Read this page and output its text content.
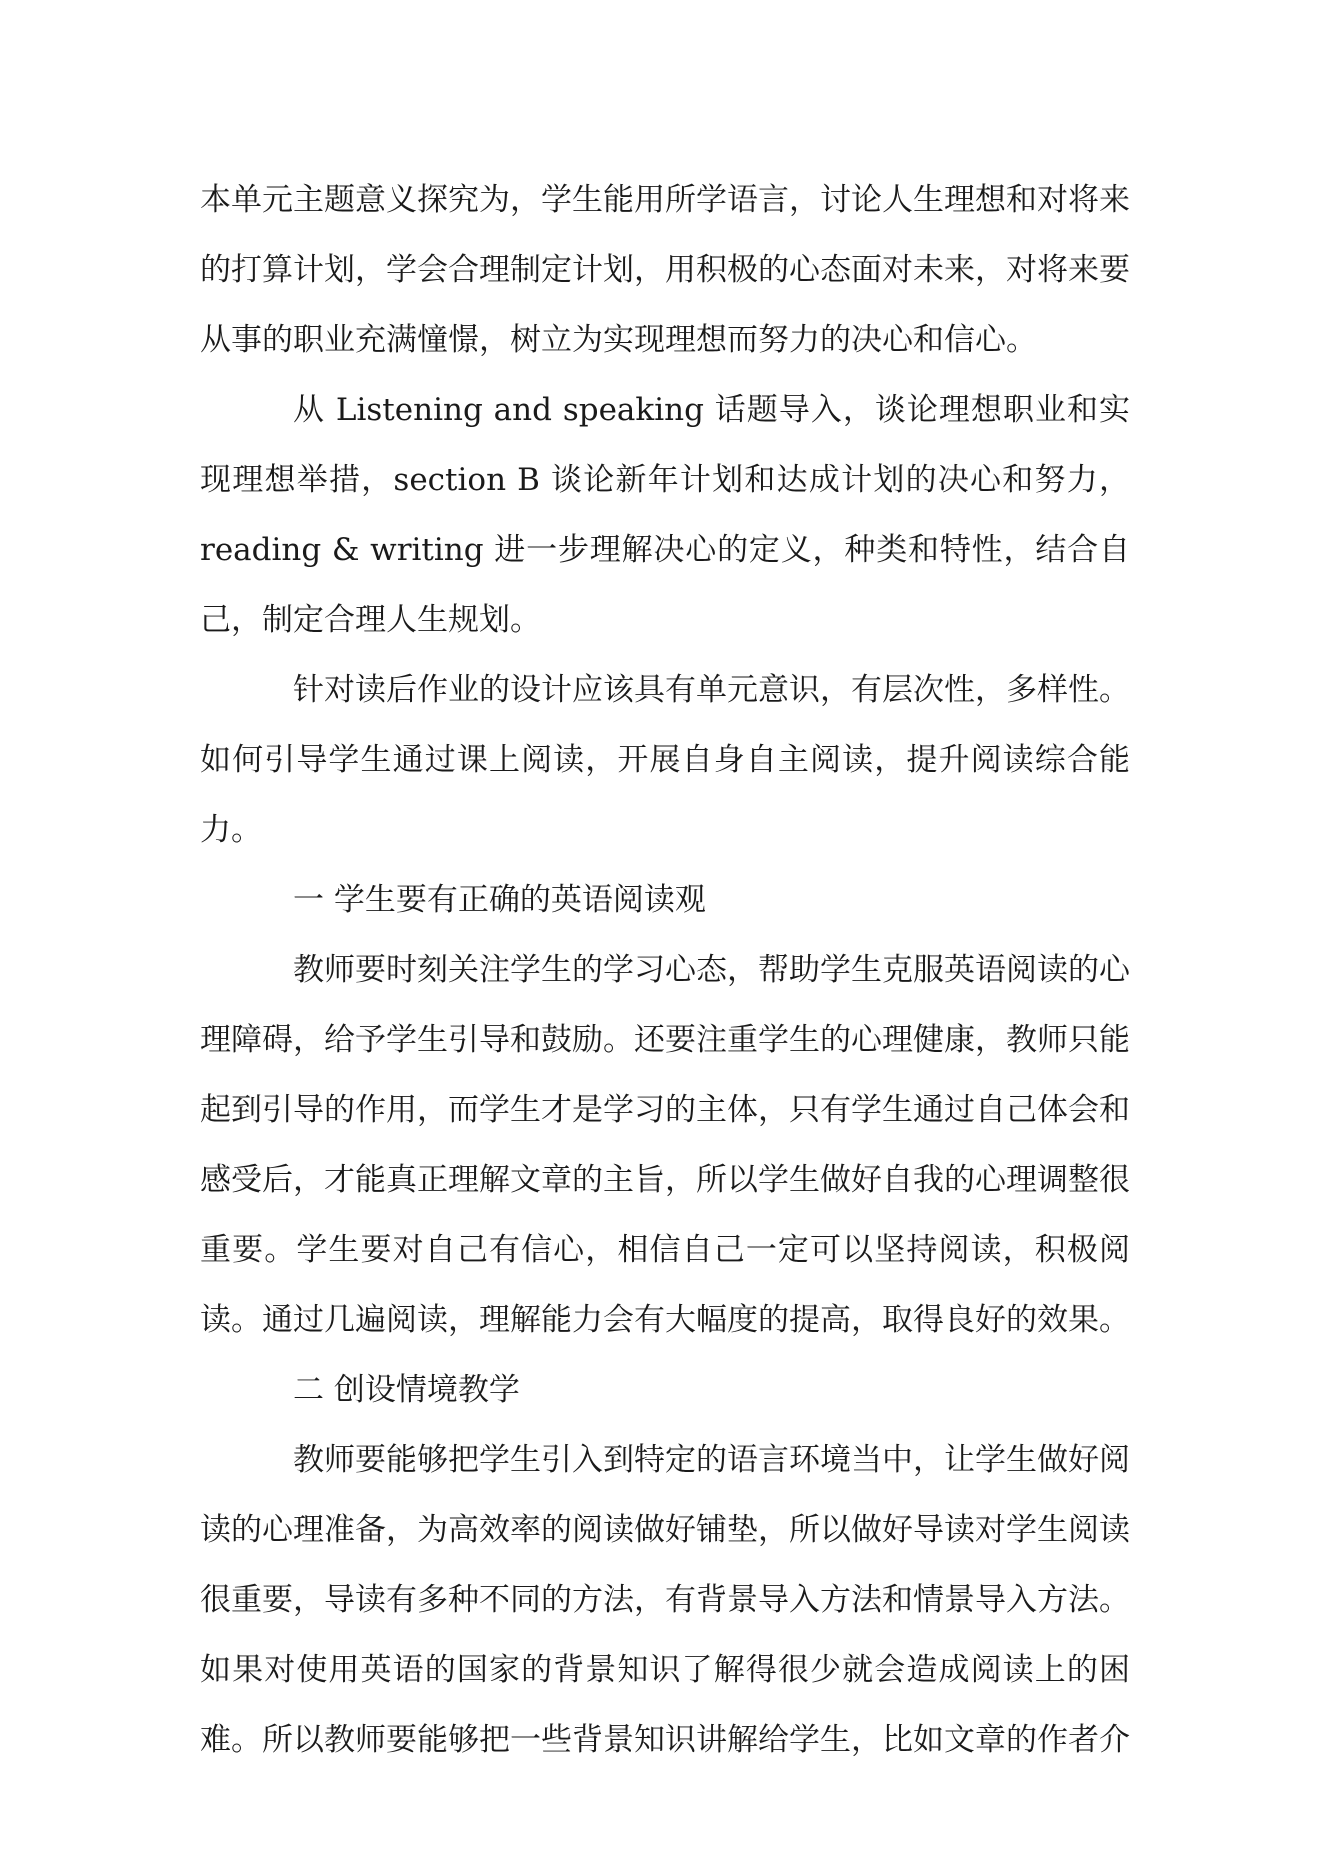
本单元主题意义探究为，学生能用所学语言，讨论人生理想和对将来的打算计划，学会合理制定计划，用积极的心态面对未来，对将来要从事的职业充满憧憬，树立为实现理想而努力的决心和信心。

从 Listening and speaking 话题导入，谈论理想职业和实现理想举措，section B 谈论新年计划和达成计划的决心和努力，reading & writing 进一步理解决心的定义，种类和特性，结合自己，制定合理人生规划。

针对读后作业的设计应该具有单元意识，有层次性，多样性。如何引导学生通过课上阅读，开展自身自主阅读，提升阅读综合能力。

一 学生要有正确的英语阅读观

教师要时刻关注学生的学习心态，帮助学生克服英语阅读的心理障碍，给予学生引导和鼓励。还要注重学生的心理健康，教师只能起到引导的作用，而学生才是学习的主体，只有学生通过自己体会和感受后，才能真正理解文章的主旨，所以学生做好自我的心理调整很重要。学生要对自己有信心，相信自己一定可以坚持阅读，积极阅读。通过几遍阅读，理解能力会有大幅度的提高，取得良好的效果。

二 创设情境教学

教师要能够把学生引入到特定的语言环境当中，让学生做好阅读的心理准备，为高效率的阅读做好铺垫，所以做好导读对学生阅读很重要，导读有多种不同的方法，有背景导入方法和情景导入方法。如果对使用英语的国家的背景知识了解得很少就会造成阅读上的困难。所以教师要能够把一些背景知识讲解给学生，比如文章的作者介
